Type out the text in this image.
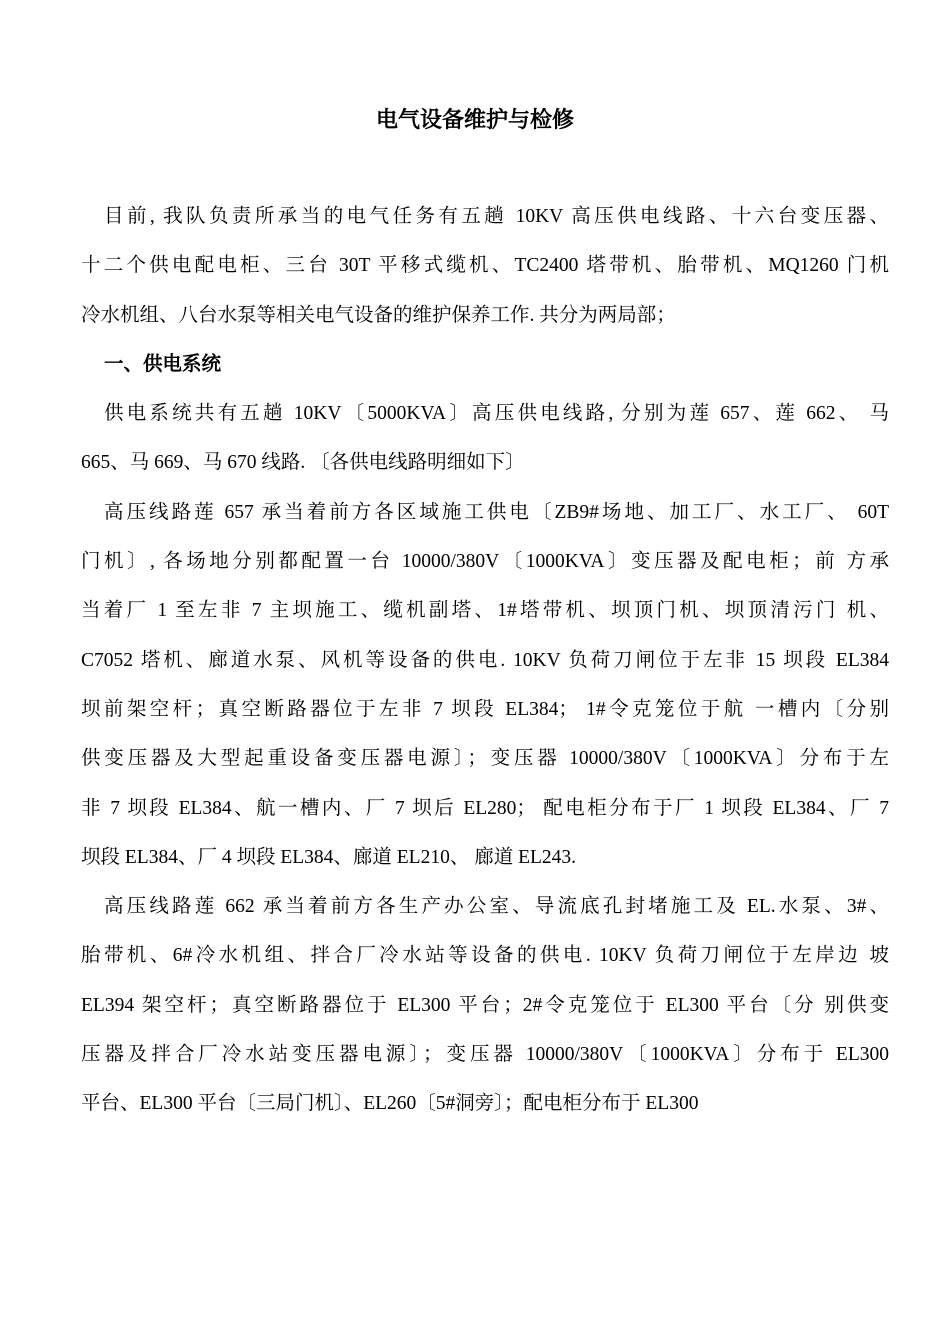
电气设备维护与检修
目前, 我队负责所承当的电气任务有五趟 10KV 高压供电线路、十六台变压器、
十二个供电配电柜、三台 30T 平移式缆机、TC2400 塔带机、胎带机、MQ1260 门机
冷水机组、八台水泵等相关电气设备的维护保养工作. 共分为两局部；
一、供电系统
供电系统共有五趟 10KV〔5000KVA〕高压供电线路, 分别为莲 657、莲 662、 马
665、马 669、马 670 线路. 〔各供电线路明细如下〕
高压线路莲 657 承当着前方各区域施工供电〔ZB9#场地、加工厂、水工厂、 60T
门机〕, 各场地分别都配置一台 10000/380V〔1000KVA〕变压器及配电柜；前 方承
当着厂 1 至左非 7 主坝施工、缆机副塔、1#塔带机、坝顶门机、坝顶清污门 机、
C7052 塔机、廊道水泵、风机等设备的供电. 10KV 负荷刀闸位于左非 15 坝段 EL384
坝前架空杆；真空断路器位于左非 7 坝段 EL384； 1#令克笼位于航 一槽内〔分别
供变压器及大型起重设备变压器电源〕；变压器 10000/380V〔1000KVA〕分布于左
非 7 坝段 EL384、航一槽内、厂 7 坝后 EL280； 配电柜分布于厂 1 坝段 EL384、厂 7
坝段 EL384、厂 4 坝段 EL384、廊道 EL210、 廊道 EL243.
高压线路莲 662 承当着前方各生产办公室、导流底孔封堵施工及 EL.水泵、3#、
胎带机、6#冷水机组、拌合厂冷水站等设备的供电. 10KV 负荷刀闸位于左岸边 坡
EL394 架空杆；真空断路器位于 EL300 平台；2#令克笼位于 EL300 平台〔分 别供变
压器及拌合厂冷水站变压器电源〕；变压器 10000/380V〔1000KVA〕分布于 EL300
平台、EL300 平台〔三局门机〕、EL260〔5#洞旁〕；配电柜分布于 EL300
